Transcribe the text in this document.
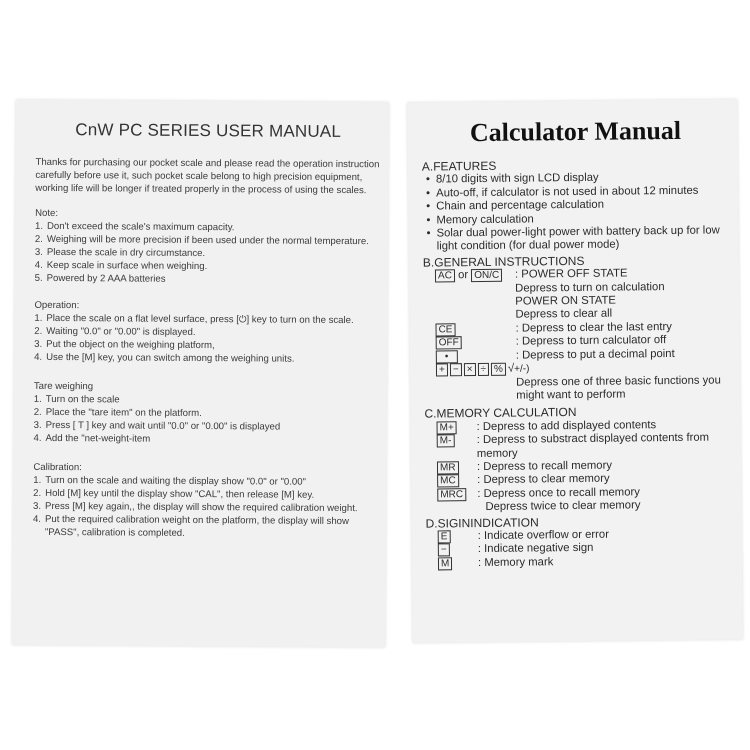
CnW PC SERIES USER MANUAL
Thanks for purchasing our pocket scale and please read the operation instruction carefully before use it, such pocket scale belong to high precision equipment, working life will be longer if treated properly in the process of using the scales.
Note:
1. Don't exceed the scale's maximum capacity.
2. Weighing will be more precision if been used under the normal temperature.
3. Please the scale in dry circumstance.
4. Keep scale in surface when weighing.
5. Powered by 2 AAA batteries
Operation:
1. Place the scale on a flat level surface, press [⏻] key to turn on the scale.
2. Waiting "0.0" or "0.00" is displayed.
3. Put the object on the weighing platform,
4. Use the [M] key, you can switch among the weighing units.
Tare weighing
1. Turn on the scale
2. Place the "tare item" on the platform.
3. Press [ T ] key and wait until "0.0" or "0.00" is displayed
4. Add the "net-weight-item
Calibration:
1. Turn on the scale and waiting the display show "0.0" or "0.00"
2. Hold [M] key until the display show "CAL", then release [M] key.
3. Press [M] key again,, the display will show the required calibration weight.
4. Put the required calibration weight on the platform, the display will show "PASS", calibration is completed.
Calculator Manual
A.FEATURES
• 8/10 digits with sign LCD display
• Auto-off, if calculator is not used in about 12 minutes
• Chain and percentage calculation
• Memory calculation
• Solar dual power-light power with battery back up for low light condition (for dual power mode)
B.GENERAL INSTRUCTIONS
AC or ON/C	: POWER OFF STATE
Depress to turn on calculation
POWER ON STATE
Depress to clear all
CE	: Depress to clear the last entry
OFF	: Depress to turn calculator off
•	: Depress to put a decimal point
+ − × ÷ % √ +/-)
Depress one of three basic functions you might want to perform
C.MEMORY CALCULATION
M+	: Depress to add displayed contents
M-	: Depress to substract displayed contents from memory
MR	: Depress to recall memory
MC	: Depress to clear memory
MRC	: Depress once to recall memory
Depress twice to clear memory
D.SIGININDICATION
E	: Indicate overflow or error
−	: Indicate negative sign
M	: Memory mark
